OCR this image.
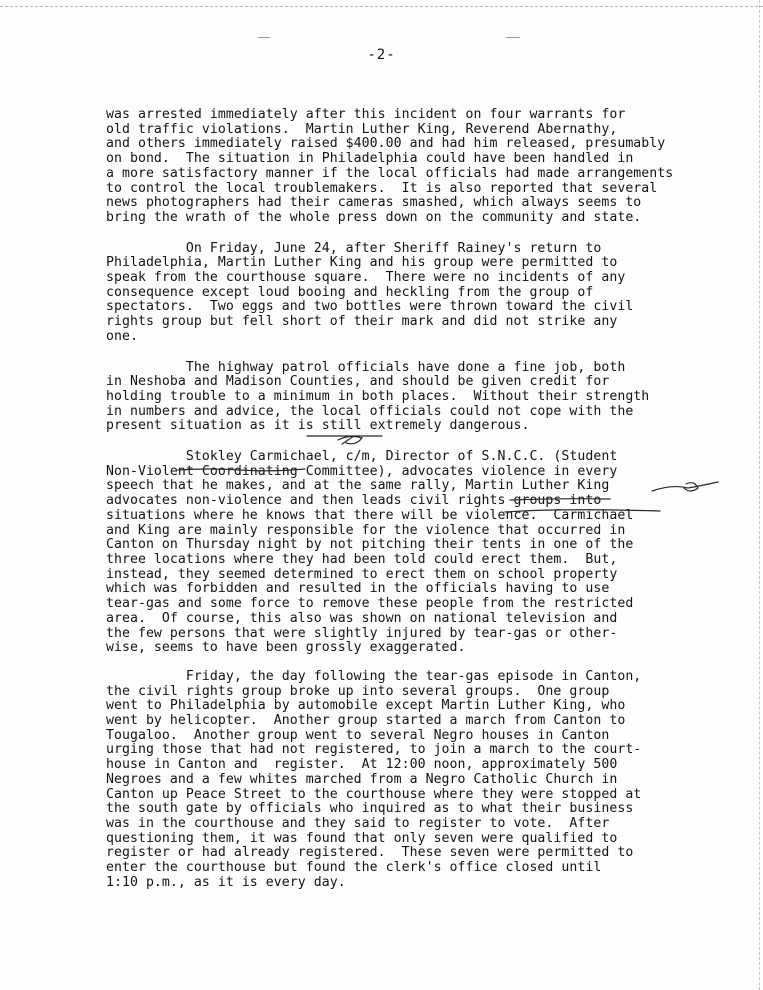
-2-
was arrested immediately after this incident on four warrants for
old traffic violations.  Martin Luther King, Reverend Abernathy,
and others immediately raised $400.00 and had him released, presumably
on bond.  The situation in Philadelphia could have been handled in
a more satisfactory manner if the local officials had made arrangements
to control the local troublemakers.  It is also reported that several
news photographers had their cameras smashed, which always seems to
bring the wrath of the whole press down on the community and state.
On Friday, June 24, after Sheriff Rainey's return to
Philadelphia, Martin Luther King and his group were permitted to
speak from the courthouse square.  There were no incidents of any
consequence except loud booing and heckling from the group of
spectators.  Two eggs and two bottles were thrown toward the civil
rights group but fell short of their mark and did not strike any
one.
The highway patrol officials have done a fine job, both
in Neshoba and Madison Counties, and should be given credit for
holding trouble to a minimum in both places.  Without their strength
in numbers and advice, the local officials could not cope with the
present situation as it is still extremely dangerous.
Stokley Carmichael, c/m, Director of S.N.C.C. (Student
Non-Violent Coordinating Committee), advocates violence in every
speech that he makes, and at the same rally, Martin Luther King
advocates non-violence and then leads civil rights groups into
situations where he knows that there will be violence.  Carmichael
and King are mainly responsible for the violence that occurred in
Canton on Thursday night by not pitching their tents in one of the
three locations where they had been told could erect them.  But,
instead, they seemed determined to erect them on school property
which was forbidden and resulted in the officials having to use
tear-gas and some force to remove these people from the restricted
area.  Of course, this also was shown on national television and
the few persons that were slightly injured by tear-gas or other-
wise, seems to have been grossly exaggerated.
Friday, the day following the tear-gas episode in Canton,
the civil rights group broke up into several groups.  One group
went to Philadelphia by automobile except Martin Luther King, who
went by helicopter.  Another group started a march from Canton to
Tougaloo.  Another group went to several Negro houses in Canton
urging those that had not registered, to join a march to the court-
house in Canton and  register.  At 12:00 noon, approximately 500
Negroes and a few whites marched from a Negro Catholic Church in
Canton up Peace Street to the courthouse where they were stopped at
the south gate by officials who inquired as to what their business
was in the courthouse and they said to register to vote.  After
questioning them, it was found that only seven were qualified to
register or had already registered.  These seven were permitted to
enter the courthouse but found the clerk's office closed until
1:10 p.m., as it is every day.
